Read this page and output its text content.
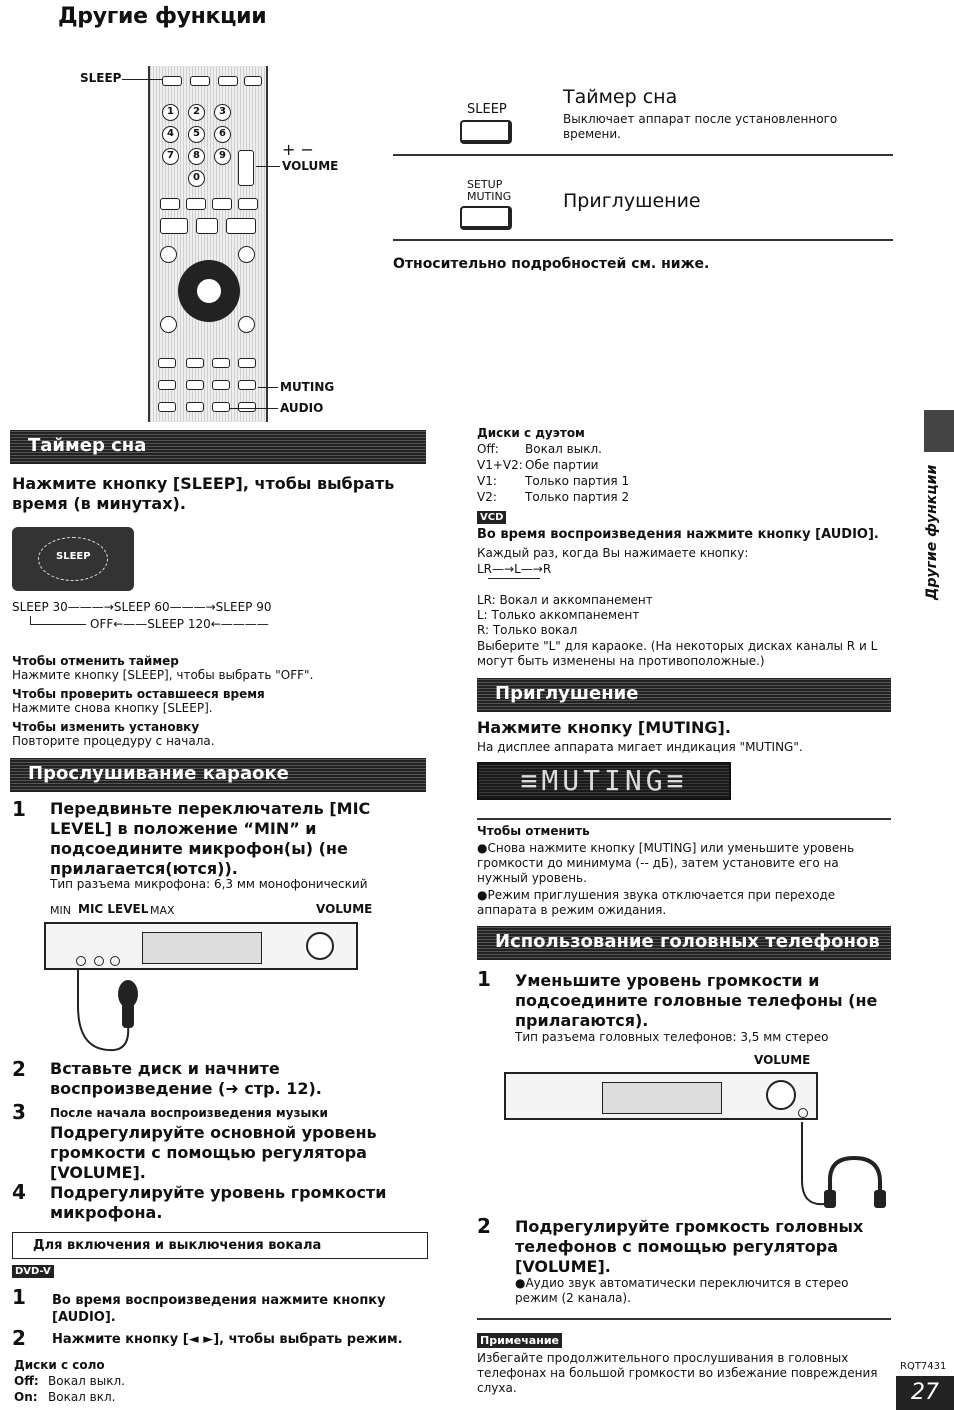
Другие функции
1	2	3
4	5	6
7	8	9
0
SLEEP
+ −
VOLUME
MUTING
AUDIO
SLEEP
Таймер сна
Выключает аппарат после установленного времени.
SETUP
MUTING	Приглушение
Относительно подробностей см. ниже.
Таймер сна
Нажмите кнопку [SLEEP], чтобы выбрать время (в минутах).
SLEEP
SLEEP 30———→SLEEP 60———→SLEEP 90
OFF←——SLEEP 120←————
Чтобы отменить таймер
Нажмите кнопку [SLEEP], чтобы выбрать "OFF".
Чтобы проверить оставшееся время
Нажмите снова кнопку [SLEEP].
Чтобы изменить установку
Повторите процедуру с начала.
Прослушивание караоке
1 Передвиньте переключатель [MIC LEVEL] в положение “MIN” и подсоедините микрофон(ы) (не прилагается(ются)).
Тип разъема микрофона: 6,3 мм монофонический
MIN MIC LEVEL MAX	VOLUME
2 Вставьте диск и начните воспроизведение (➜ стр. 12).
3 После начала воспроизведения музыки
Подрегулируйте основной уровень громкости с помощью регулятора [VOLUME].
4 Подрегулируйте уровень громкости микрофона.
Для включения и выключения вокала
DVD-V
1 Во время воспроизведения нажмите кнопку [AUDIO].
2 Нажмите кнопку [◄ ►], чтобы выбрать режим.
Диски с соло
Off: Вокал выкл.
On: Вокал вкл.
Диски с дуэтом
Off: Вокал выкл.
V1+V2: Обе партии
V1: Только партия 1
V2: Только партия 2
VCD
Во время воспроизведения нажмите кнопку [AUDIO].
Каждый раз, когда Вы нажимаете кнопку:
LR—→L—→R
LR: Вокал и аккомпанемент
L: Только аккомпанемент
R: Только вокал
Выберите "L" для караоке. (На некоторых дисках каналы R и L могут быть изменены на противоположные.)
Приглушение
Нажмите кнопку [MUTING].
На дисплее аппарата мигает индикация "MUTING".
≡MUTING≡
Чтобы отменить
●Снова нажмите кнопку [MUTING] или уменьшите уровень громкости до минимума (-- дБ), затем установите его на нужный уровень.
●Режим приглушения звука отключается при переходе аппарата в режим ожидания.
Использование головных телефонов
1 Уменьшите уровень громкости и подсоедините головные телефоны (не прилагаются).
Тип разъема головных телефонов: 3,5 мм стерео
VOLUME
2 Подрегулируйте громкость головных телефонов с помощью регулятора [VOLUME].
●Аудио звук автоматически переключится в стерео режим (2 канала).
Примечание
Избегайте продолжительного прослушивания в головных телефонах на большой громкости во избежание повреждения слуха.
Другие функции
RQT7431
27
